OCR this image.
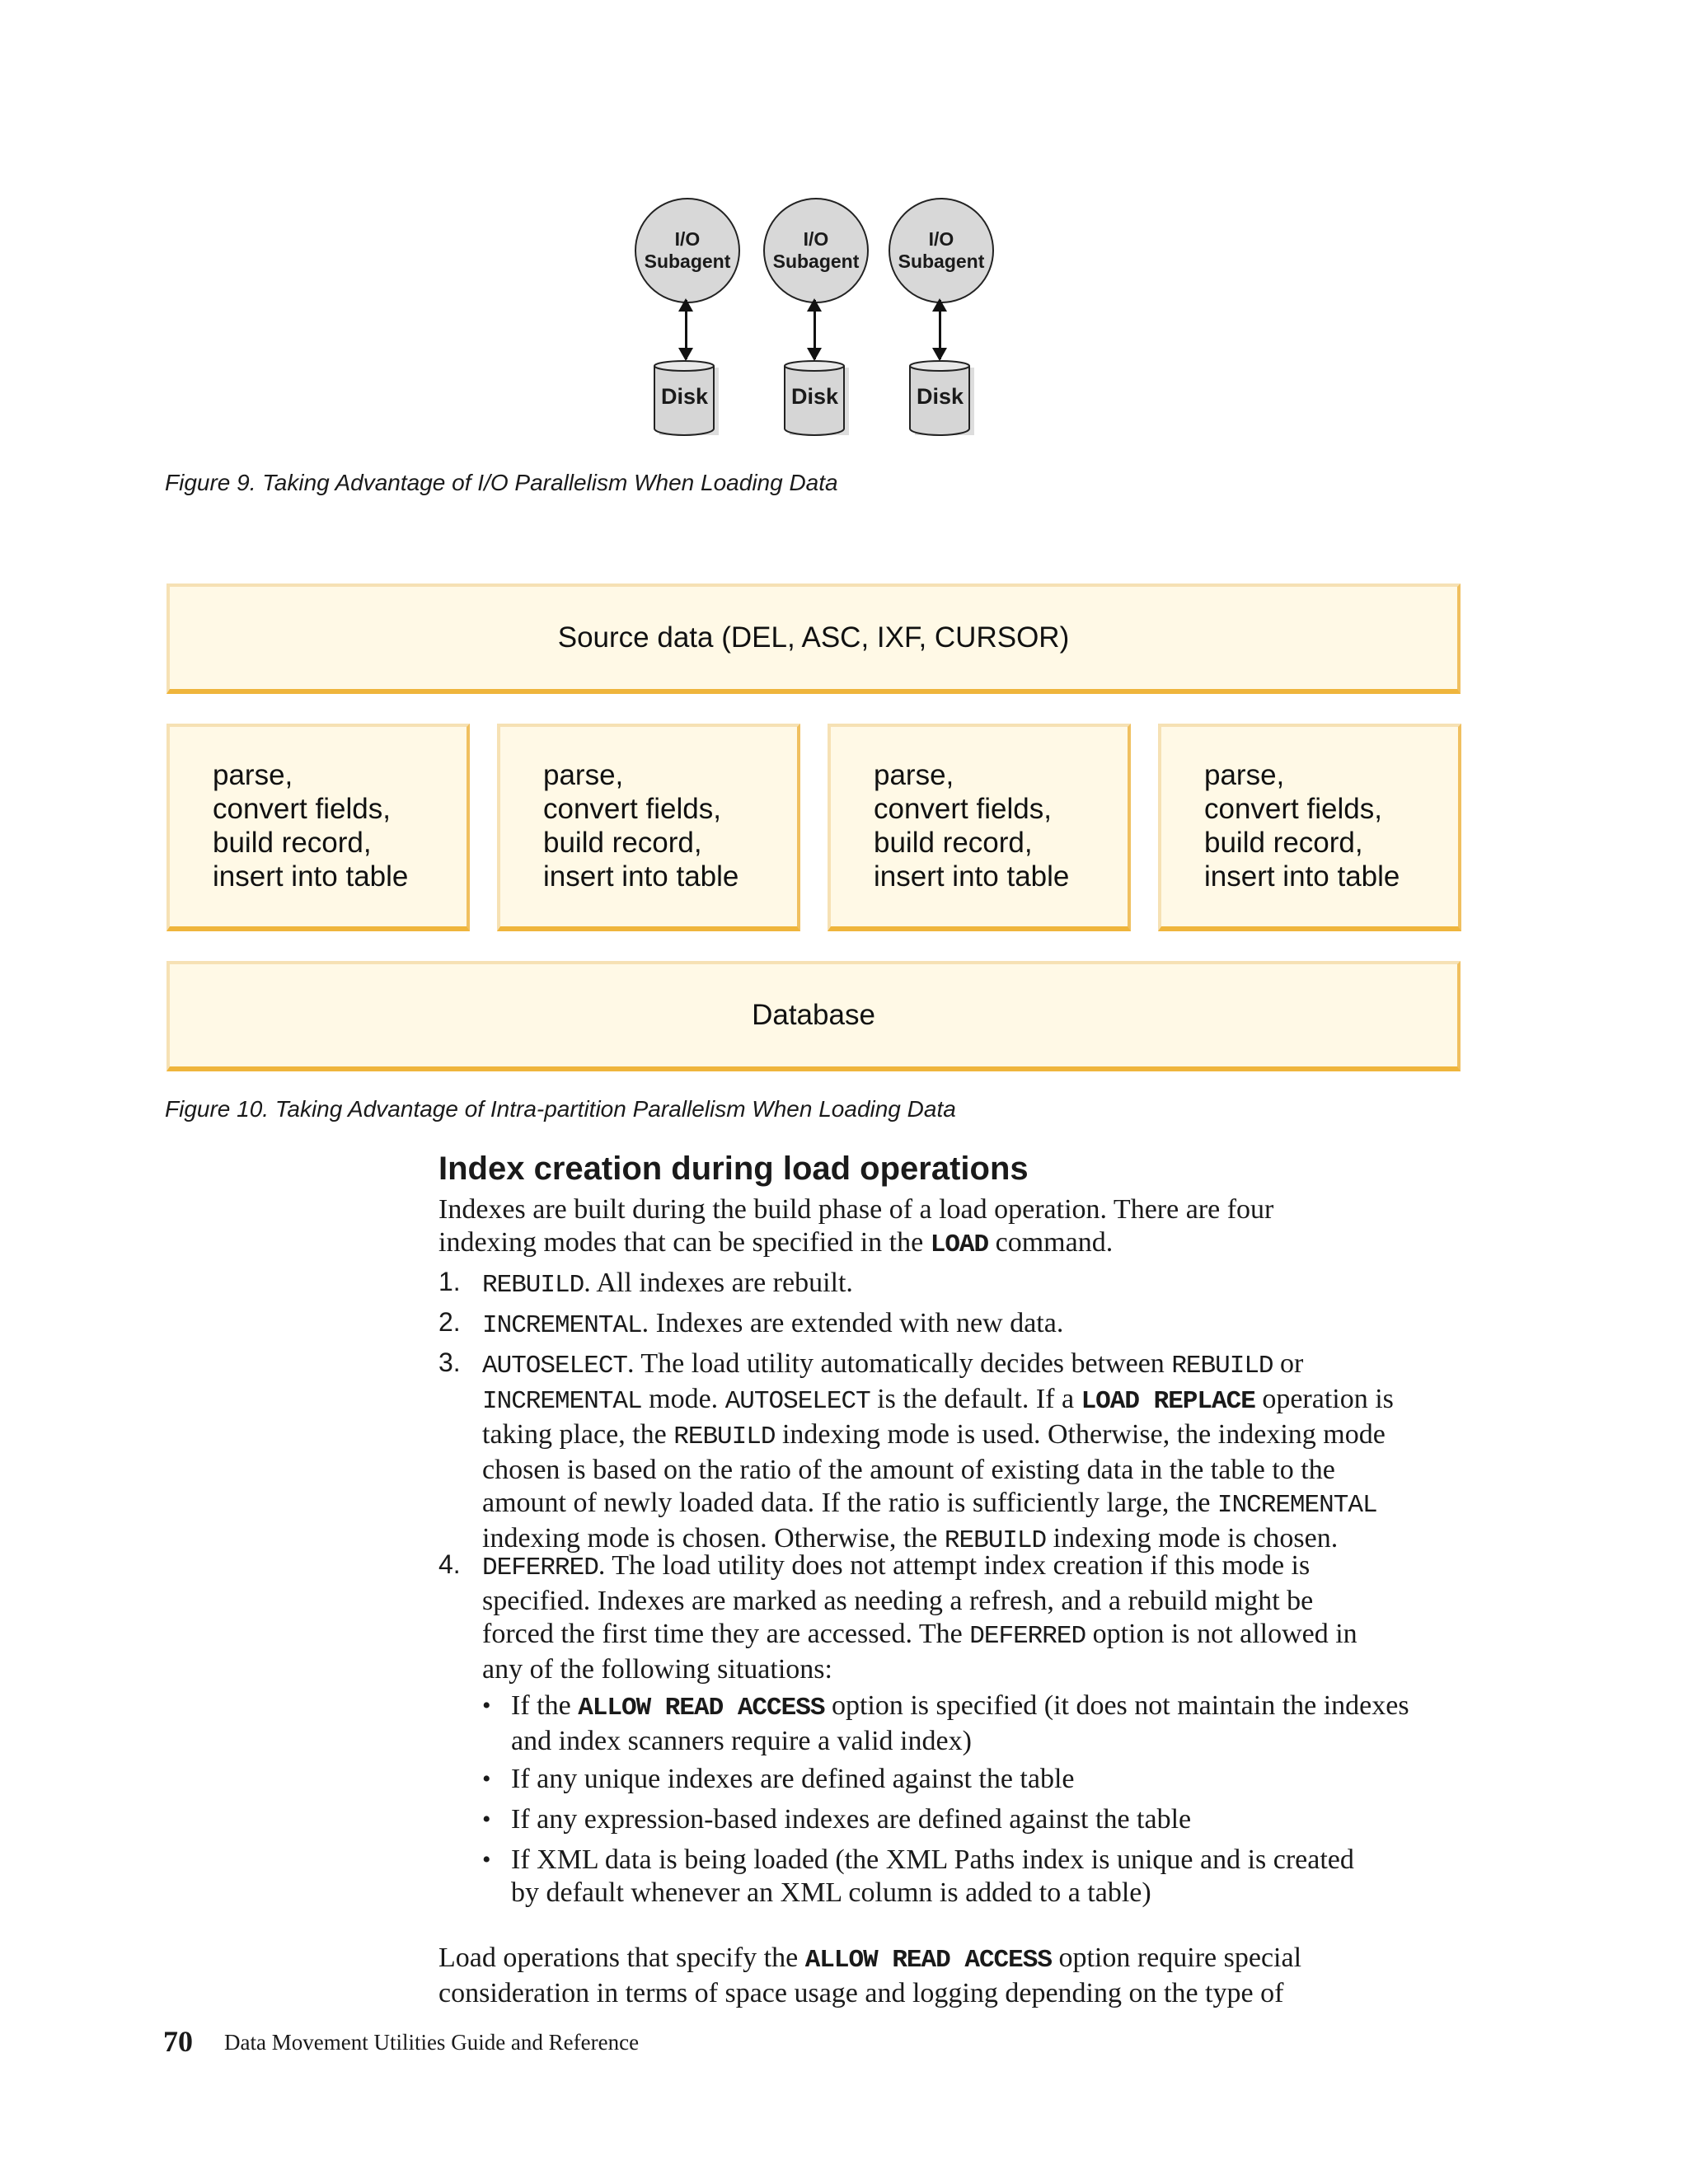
I/O
Subagent
I/O
Subagent
I/O
Subagent
Disk	Disk	Disk
Figure 9. Taking Advantage of I/O Parallelism When Loading Data
Source data (DEL, ASC, IXF, CURSOR)
parse,
convert fields,
build record,
insert into table
parse,
convert fields,
build record,
insert into table
parse,
convert fields,
build record,
insert into table
parse,
convert fields,
build record,
insert into table
Database
Figure 10. Taking Advantage of Intra-partition Parallelism When Loading Data
Index creation during load operations
Indexes are built during the build phase of a load operation. There are four
indexing modes that can be specified in the LOAD command.
1. REBUILD. All indexes are rebuilt.
2. INCREMENTAL. Indexes are extended with new data.
3. AUTOSELECT. The load utility automatically decides between REBUILD or
INCREMENTAL mode. AUTOSELECT is the default. If a LOAD REPLACE operation is
taking place, the REBUILD indexing mode is used. Otherwise, the indexing mode
chosen is based on the ratio of the amount of existing data in the table to the
amount of newly loaded data. If the ratio is sufficiently large, the INCREMENTAL
indexing mode is chosen. Otherwise, the REBUILD indexing mode is chosen.
4. DEFERRED. The load utility does not attempt index creation if this mode is
specified. Indexes are marked as needing a refresh, and a rebuild might be
forced the first time they are accessed. The DEFERRED option is not allowed in
any of the following situations:
• If the ALLOW READ ACCESS option is specified (it does not maintain the indexes
and index scanners require a valid index)
• If any unique indexes are defined against the table
• If any expression-based indexes are defined against the table
• If XML data is being loaded (the XML Paths index is unique and is created
by default whenever an XML column is added to a table)
Load operations that specify the ALLOW READ ACCESS option require special
consideration in terms of space usage and logging depending on the type of
70 Data Movement Utilities Guide and Reference
